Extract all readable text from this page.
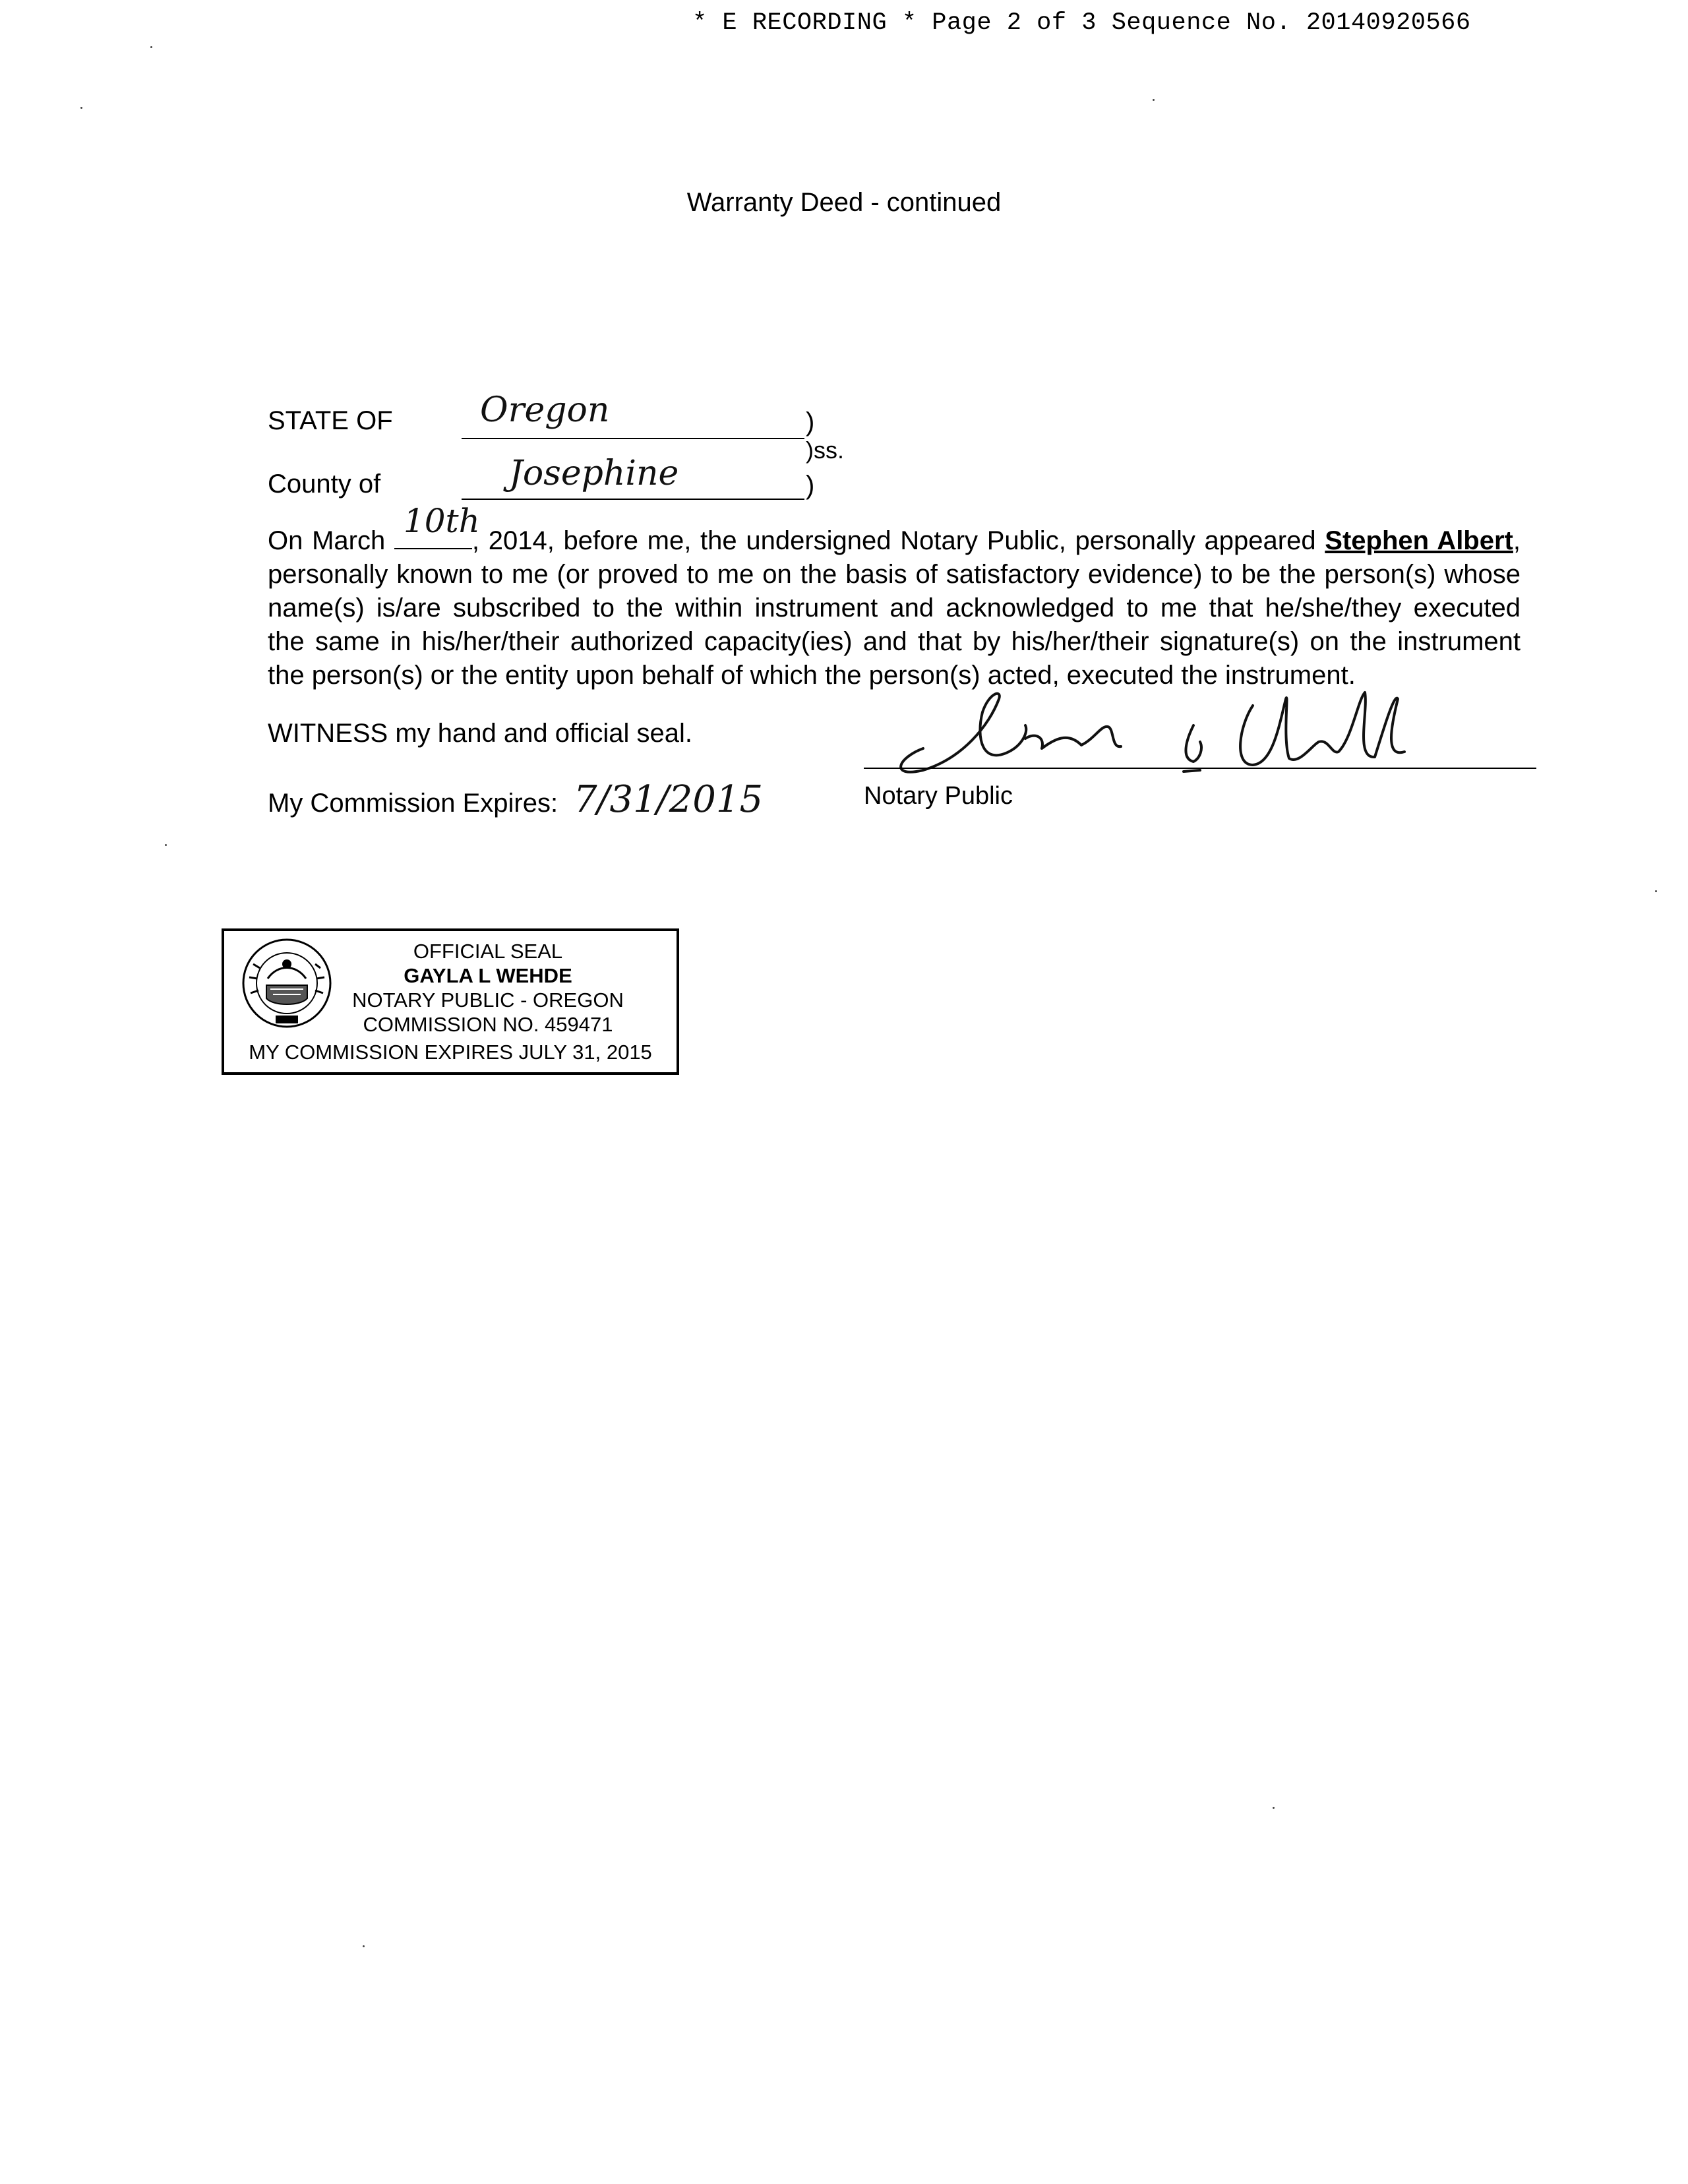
* E RECORDING * Page 2 of 3 Sequence No. 20140920566
Warranty Deed - continued
STATE OF	Oregon	)
)ss.
County of	Josephine	)

On March
10th
, 2014, before me, the undersigned Notary Public, personally appeared Stephen Albert,

personally known to me (or proved to me on the basis of satisfactory evidence) to be the person(s) whose

name(s) is/are subscribed to the within instrument and acknowledged to me that he/she/they executed

the same in his/her/their authorized capacity(ies) and that by his/her/their signature(s) on the instrument

the person(s) or the entity upon behalf of which the person(s) acted, executed the instrument.

WITNESS my hand and official seal.
My Commission Expires: 7/31/2015	Notary Public
OFFICIAL SEAL
GAYLA L WEHDE
NOTARY PUBLIC - OREGON
COMMISSION NO. 459471
MY COMMISSION EXPIRES JULY 31, 2015
